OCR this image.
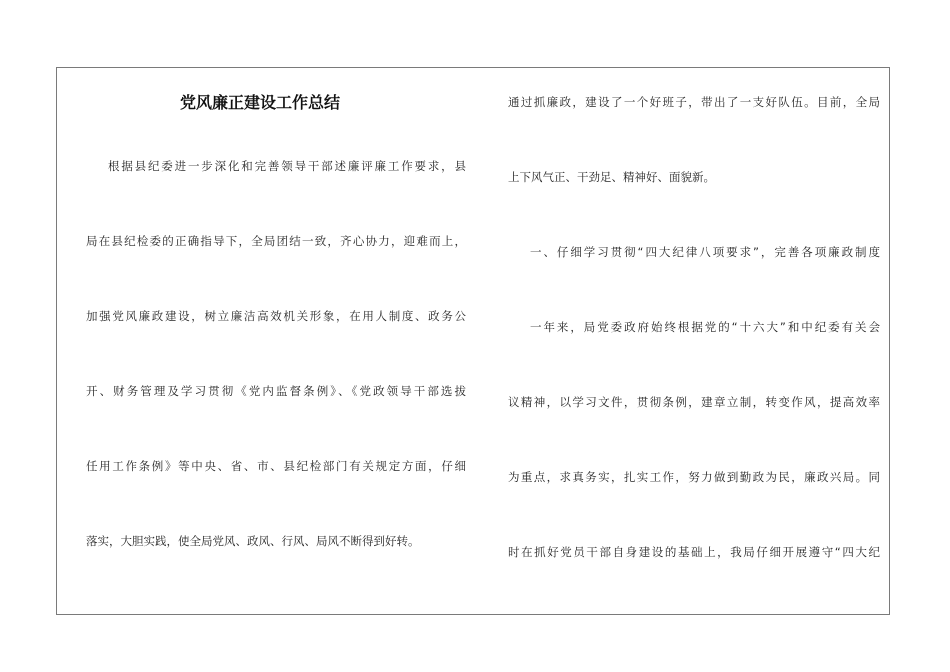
党风廉正建设工作总结
根据县纪委进一步深化和完善领导干部述廉评廉工作要求，县
局在县纪检委的正确指导下，全局团结一致，齐心协力，迎难而上，
加强党风廉政建设，树立廉洁高效机关形象，在用人制度、政务公
开、财务管理及学习贯彻《党内监督条例》、《党政领导干部选拔
任用工作条例》等中央、省、市、县纪检部门有关规定方面，仔细
落实，大胆实践，使全局党风、政风、行风、局风不断得到好转。
通过抓廉政，建设了一个好班子，带出了一支好队伍。目前，全局
上下风气正、干劲足、精神好、面貌新。
一、仔细学习贯彻“四大纪律八项要求”，完善各项廉政制度
一年来，局党委政府始终根据党的“十六大”和中纪委有关会
议精神，以学习文件，贯彻条例，建章立制，转变作风，提高效率
为重点，求真务实，扎实工作，努力做到勤政为民，廉政兴局。同
时在抓好党员干部自身建设的基础上，我局仔细开展遵守“四大纪
